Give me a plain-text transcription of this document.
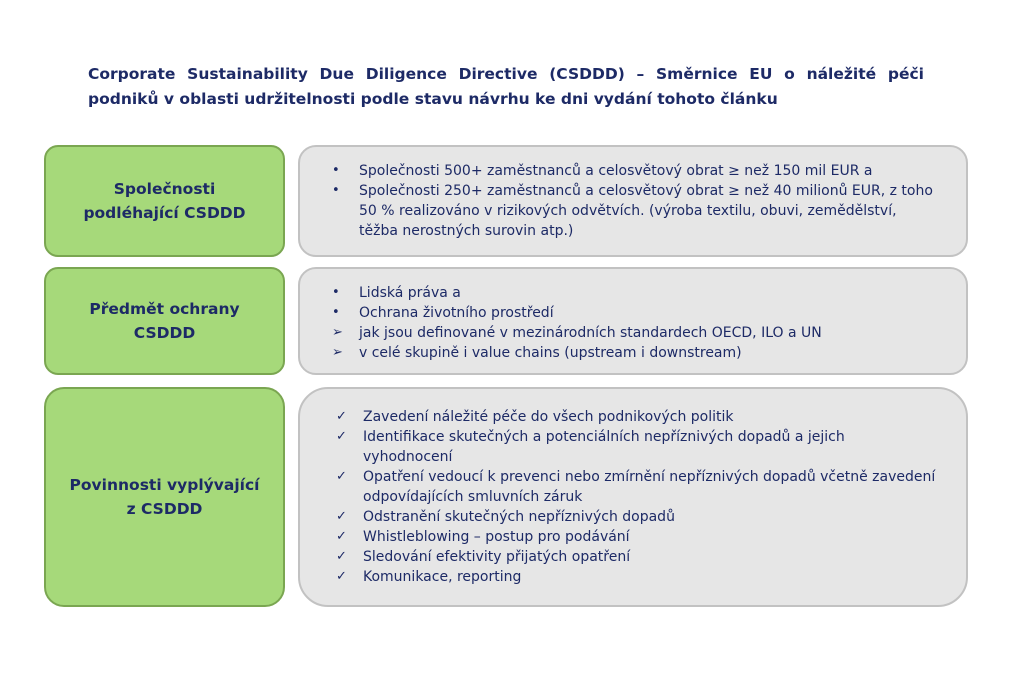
Corporate Sustainability Due Diligence Directive (CSDDD) – Směrnice EU o náležité péči podniků v oblasti udržitelnosti podle stavu návrhu ke dni vydání tohoto článku
Společnosti podléhající CSDDD
•	Společnosti 500+ zaměstnanců a celosvětový obrat ≥ než 150 mil EUR a
•	Společnosti 250+ zaměstnanců a celosvětový obrat ≥ než 40 milionů EUR, z toho 50 % realizováno v rizikových odvětvích. (výroba textilu, obuvi, zemědělství, těžba nerostných surovin atp.)
Předmět ochrany CSDDD
•	Lidská práva a
•	Ochrana životního prostředí
➢	jak jsou definované v mezinárodních standardech OECD, ILO a UN
➢	v celé skupině i value chains (upstream i downstream)
Povinnosti vyplývající z CSDDD
✓	Zavedení náležité péče do všech podnikových politik
✓	Identifikace skutečných a potenciálních nepříznivých dopadů a jejich vyhodnocení
✓	Opatření vedoucí k prevenci nebo zmírnění nepříznivých dopadů včetně zavedení odpovídajících smluvních záruk
✓	Odstranění skutečných nepříznivých dopadů
✓	Whistleblowing – postup pro podávání
✓	Sledování efektivity přijatých opatření
✓	Komunikace, reporting
